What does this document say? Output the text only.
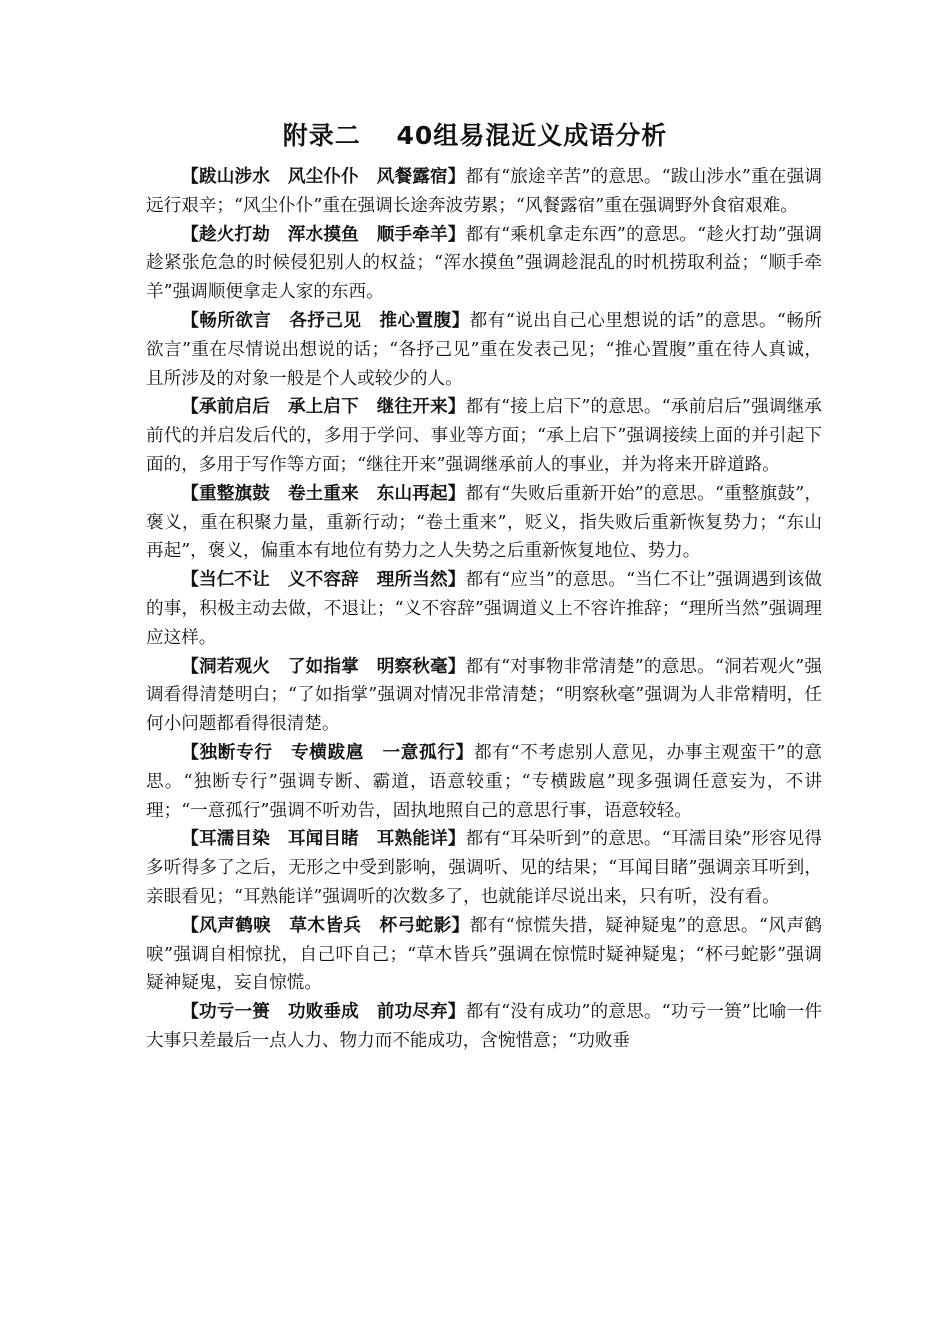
附录二　 40组易混近义成语分析

【跋山涉水　风尘仆仆　风餐露宿】都有“旅途辛苦”的意思。“跋山涉水”重在强调远行艰辛；“风尘仆仆”重在强调长途奔波劳累；“风餐露宿”重在强调野外食宿艰难。

【趁火打劫　浑水摸鱼　顺手牵羊】都有“乘机拿走东西”的意思。“趁火打劫”强调趁紧张危急的时候侵犯别人的权益；“浑水摸鱼”强调趁混乱的时机捞取利益；“顺手牵羊”强调顺便拿走人家的东西。

【畅所欲言　各抒己见　推心置腹】都有“说出自己心里想说的话”的意思。“畅所欲言”重在尽情说出想说的话；“各抒己见”重在发表己见；“推心置腹”重在待人真诚，且所涉及的对象一般是个人或较少的人。

【承前启后　承上启下　继往开来】都有“接上启下”的意思。“承前启后”强调继承前代的并启发后代的，多用于学问、事业等方面；“承上启下”强调接续上面的并引起下面的，多用于写作等方面；“继往开来”强调继承前人的事业，并为将来开辟道路。

【重整旗鼓　卷土重来　东山再起】都有“失败后重新开始”的意思。“重整旗鼓”，褒义，重在积聚力量，重新行动；“卷土重来”，贬义，指失败后重新恢复势力；“东山再起”，褒义，偏重本有地位有势力之人失势之后重新恢复地位、势力。

【当仁不让　义不容辞　理所当然】都有“应当”的意思。“当仁不让”强调遇到该做的事，积极主动去做，不退让；“义不容辞”强调道义上不容许推辞；“理所当然”强调理应这样。

【洞若观火　了如指掌　明察秋毫】都有“对事物非常清楚”的意思。“洞若观火”强调看得清楚明白；“了如指掌”强调对情况非常清楚；“明察秋毫”强调为人非常精明，任何小问题都看得很清楚。

【独断专行　专横跋扈　一意孤行】都有“不考虑别人意见，办事主观蛮干”的意思。“独断专行”强调专断、霸道，语意较重；“专横跋扈”现多强调任意妄为，不讲理；“一意孤行”强调不听劝告，固执地照自己的意思行事，语意较轻。

【耳濡目染　耳闻目睹　耳熟能详】都有“耳朵听到”的意思。“耳濡目染”形容见得多听得多了之后，无形之中受到影响，强调听、见的结果；“耳闻目睹”强调亲耳听到，亲眼看见；“耳熟能详”强调听的次数多了，也就能详尽说出来，只有听，没有看。

【风声鹤唳　草木皆兵　杯弓蛇影】都有“惊慌失措，疑神疑鬼”的意思。“风声鹤唳”强调自相惊扰，自己吓自己；“草木皆兵”强调在惊慌时疑神疑鬼；“杯弓蛇影”强调疑神疑鬼，妄自惊慌。

【功亏一篑　功败垂成　前功尽弃】都有“没有成功”的意思。“功亏一篑”比喻一件大事只差最后一点人力、物力而不能成功，含惋惜意；“功败垂
